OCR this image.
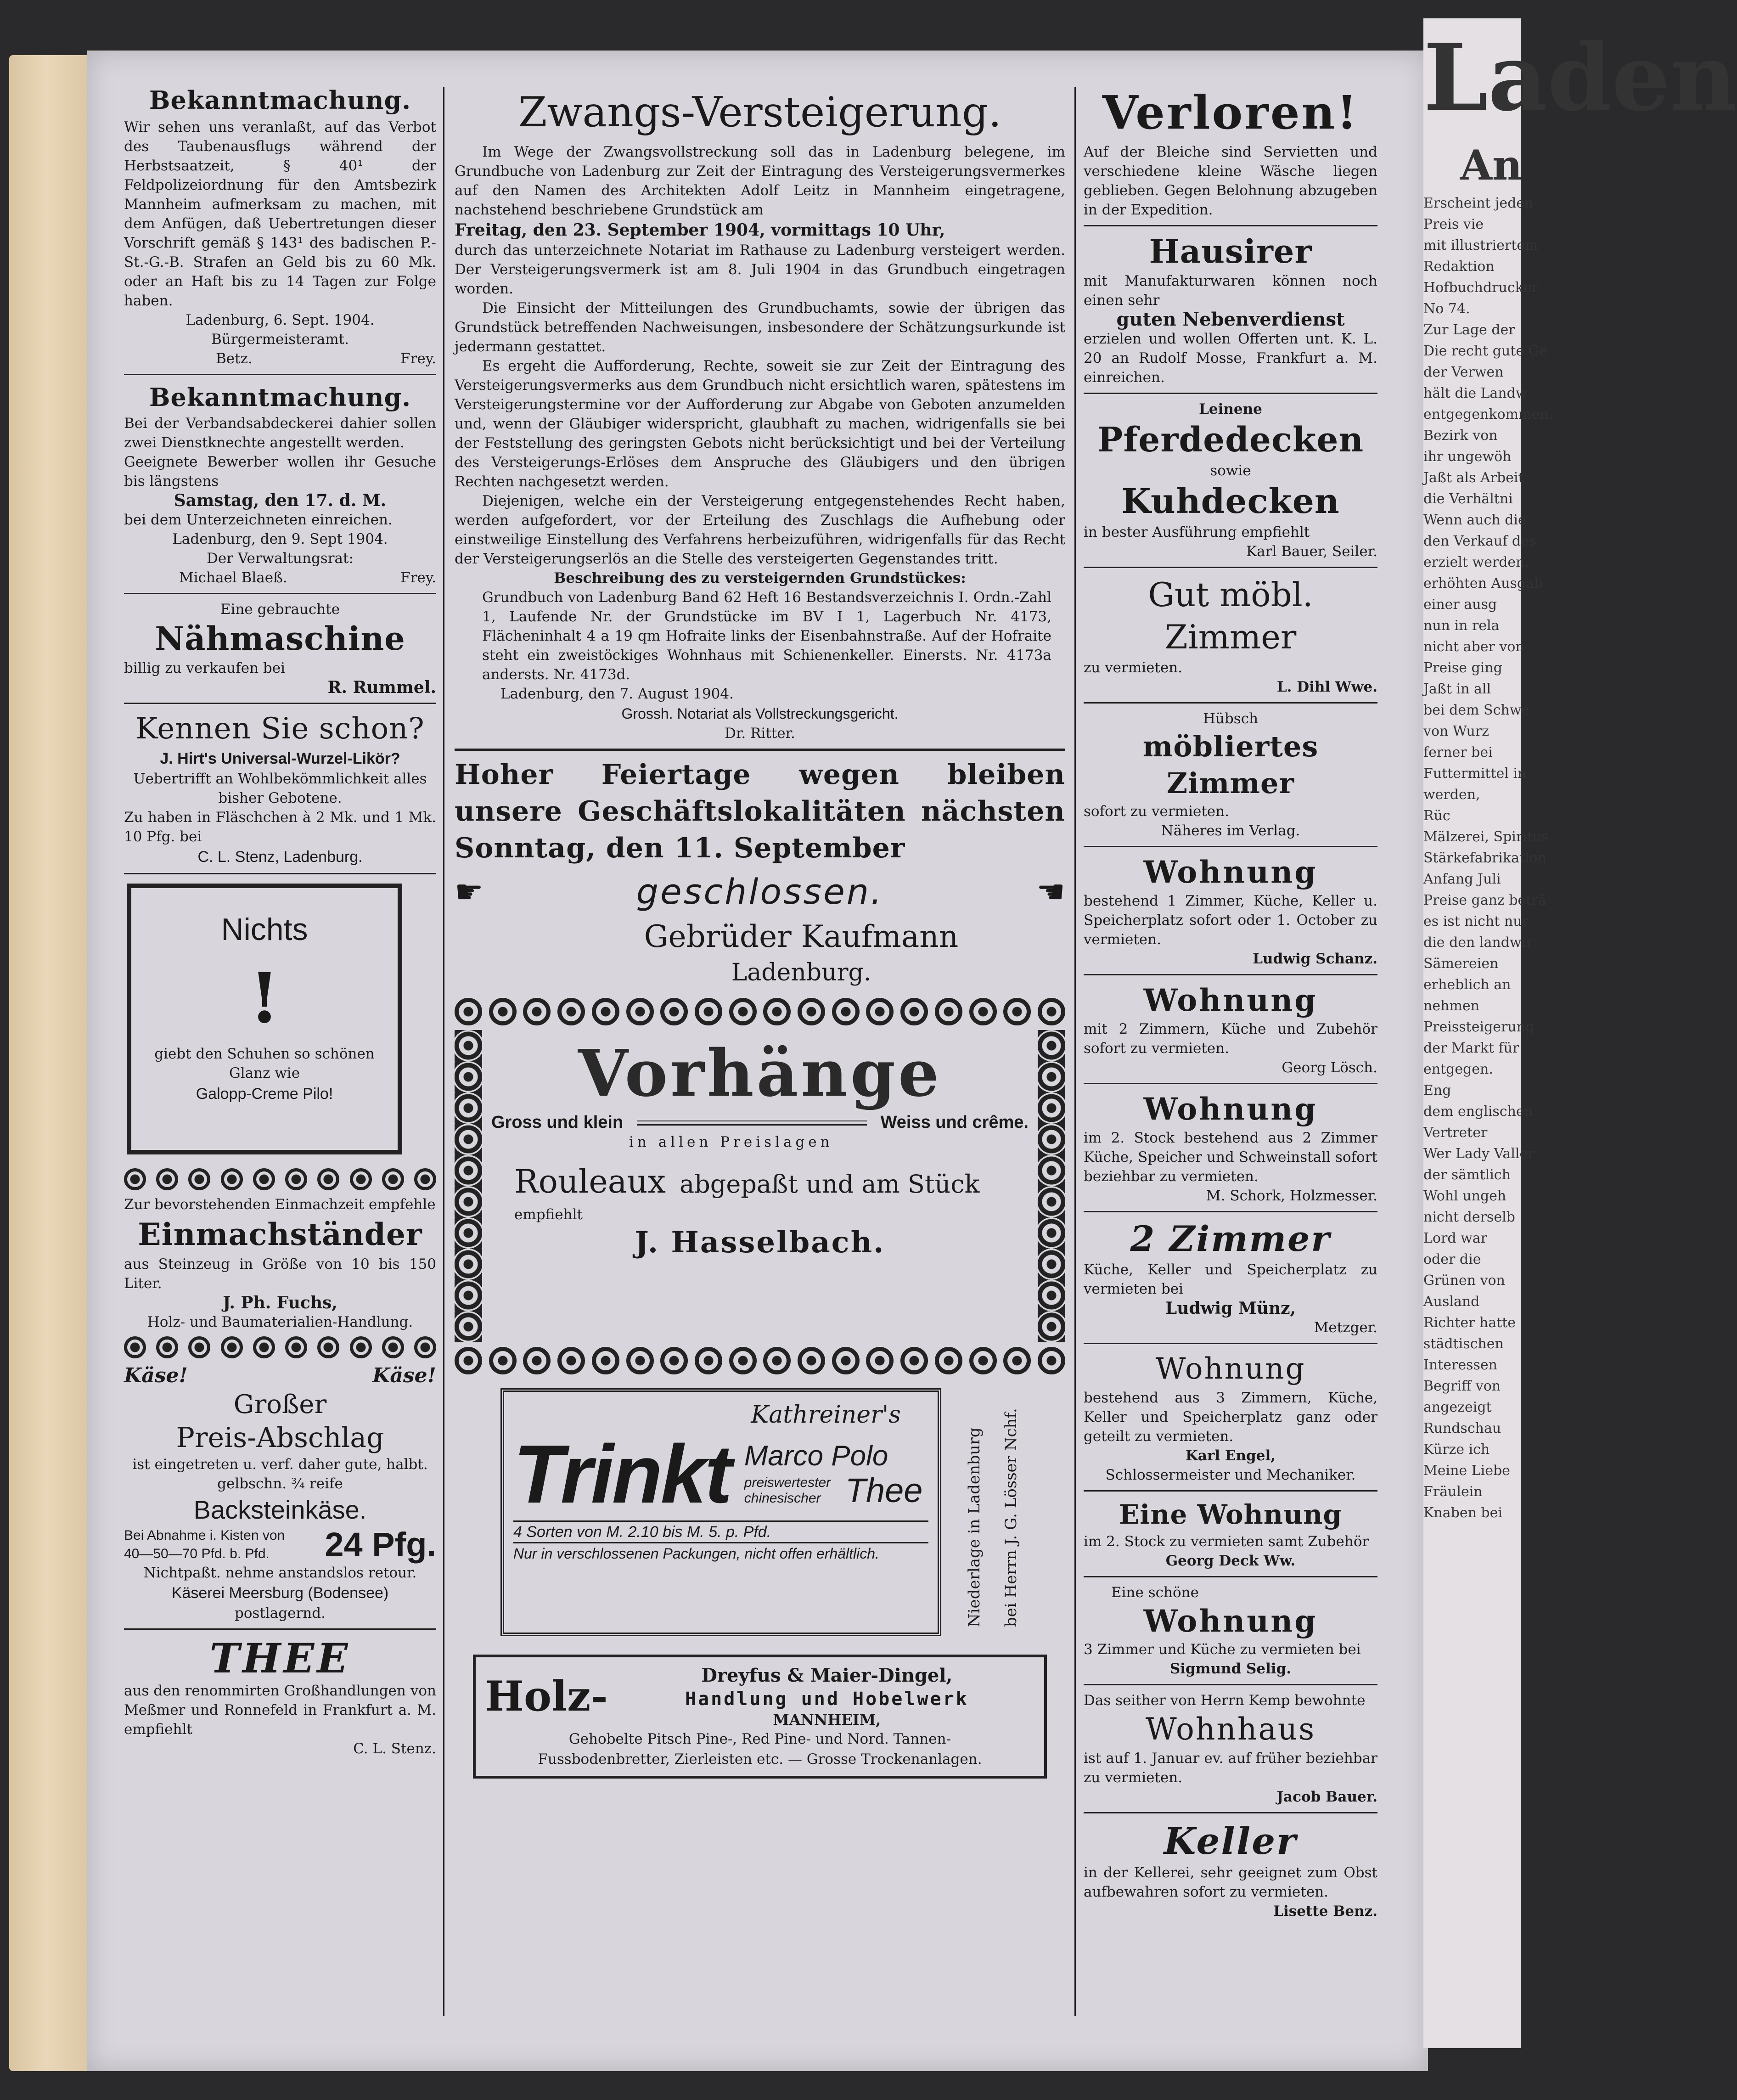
Bekanntmachung.
Wir sehen uns veranlaßt, auf das Verbot des Taubenausflugs während der Herbstsaatzeit, § 40¹ der Feldpolizeiordnung für den Amtsbezirk Mannheim aufmerksam zu machen, mit dem Anfügen, daß Uebertretungen dieser Vorschrift gemäß § 143¹ des badischen P.-St.-G.-B. Strafen an Geld bis zu 60 Mk. oder an Haft bis zu 14 Tagen zur Folge haben.
Ladenburg, 6. Sept. 1904.
Bürgermeisteramt.
Betz.	Frey.
Bekanntmachung.
Bei der Verbandsabdeckerei dahier sollen zwei Dienstknechte angestellt werden.
Geeignete Bewerber wollen ihr Gesuche bis längstens
Samstag, den 17. d. M.
bei dem Unterzeichneten einreichen.
Ladenburg, den 9. Sept 1904.
Der Verwaltungsrat:
Michael Blaeß.	Frey.
Eine gebrauchte
Nähmaschine
billig zu verkaufen bei
R. Rummel.
Kennen Sie schon?
J. Hirt's Universal-Wurzel-Likör?
Uebertrifft an Wohlbekömmlichkeit alles bisher Gebotene.
Zu haben in Fläschchen à 2 Mk. und 1 Mk. 10 Pfg. bei
C. L. Stenz, Ladenburg.
Nichts
!
giebt den Schuhen so schönen Glanz wie
Galopp-Creme Pilo!
Zur bevorstehenden Einmachzeit empfehle
Einmachständer
aus Steinzeug in Größe von 10 bis 150 Liter.
J. Ph. Fuchs,
Holz- und Baumaterialien-Handlung.
Käse!	Käse!
Großer
Preis-Abschlag
ist eingetreten u. verf. daher gute, halbt. gelbschn. ¾ reife
Backsteinkäse.
Bei Abnahme i. Kisten von
40—50—70 Pfd. b. Pfd.	24 Pfg.
Nichtpaßt. nehme anstandslos retour.
Käserei Meersburg (Bodensee)
postlagernd.
THEE
aus den renommirten Großhandlungen von Meßmer und Ronnefeld in Frankfurt a. M. empfiehlt
C. L. Stenz.
Zwangs-Versteigerung.
Im Wege der Zwangsvollstreckung soll das in Ladenburg belegene, im Grundbuche von Ladenburg zur Zeit der Eintragung des Versteigerungsvermerkes auf den Namen des Architekten Adolf Leitz in Mannheim eingetragene, nachstehend beschriebene Grundstück am
Freitag, den 23. September 1904, vormittags 10 Uhr,
durch das unterzeichnete Notariat im Rathause zu Ladenburg versteigert werden. Der Versteigerungsvermerk ist am 8. Juli 1904 in das Grundbuch eingetragen worden.
Die Einsicht der Mitteilungen des Grundbuchamts, sowie der übrigen das Grundstück betreffenden Nachweisungen, insbesondere der Schätzungsurkunde ist jedermann gestattet.
Es ergeht die Aufforderung, Rechte, soweit sie zur Zeit der Eintragung des Versteigerungsvermerks aus dem Grundbuch nicht ersichtlich waren, spätestens im Versteigerungstermine vor der Aufforderung zur Abgabe von Geboten anzumelden und, wenn der Gläubiger widerspricht, glaubhaft zu machen, widrigenfalls sie bei der Feststellung des geringsten Gebots nicht berücksichtigt und bei der Verteilung des Versteigerungs-Erlöses dem Anspruche des Gläubigers und den übrigen Rechten nachgesetzt werden.
Diejenigen, welche ein der Versteigerung entgegenstehendes Recht haben, werden aufgefordert, vor der Erteilung des Zuschlags die Aufhebung oder einstweilige Einstellung des Verfahrens herbeizuführen, widrigenfalls für das Recht der Versteigerungserlös an die Stelle des versteigerten Gegenstandes tritt.
Beschreibung des zu versteigernden Grundstückes:
Grundbuch von Ladenburg Band 62 Heft 16 Bestandsverzeichnis I. Ordn.-Zahl 1, Laufende Nr. der Grundstücke im BV I 1, Lagerbuch Nr. 4173, Flächeninhalt 4 a 19 qm Hofraite links der Eisenbahnstraße. Auf der Hofraite steht ein zweistöckiges Wohnhaus mit Schienenkeller. Einersts. Nr. 4173a andersts. Nr. 4173d.
Ladenburg, den 7. August 1904.
Grossh. Notariat als Vollstreckungsgericht.
Dr. Ritter.
Hoher Feiertage wegen bleiben
unsere Geschäftslokalitäten nächsten
Sonntag, den 11. September
☛	geschlossen.	☚
Gebrüder Kaufmann
Ladenburg.
Vorhänge
Gross und klein	Weiss und crême.
in allen Preislagen
Rouleaux abgepaßt und am Stück
empfiehlt
J. Hasselbach.
Kathreiner's
Trinkt Marco Polo
preiswertester chinesischer Thee
4 Sorten von M. 2.10 bis M. 5. p. Pfd.
Nur in verschlossenen Packungen, nicht offen erhältlich.	Niederlage in Ladenburg bei Herrn J. G. Lösser Nchf.
Holz-	Dreyfus & Maier-Dingel,
Handlung und Hobelwerk
MANNHEIM,
Gehobelte Pitsch Pine-, Red Pine- und Nord. Tannen-
Fussbodenbretter, Zierleisten etc. — Grosse Trockenanlagen.
Verloren!
Auf der Bleiche sind Servietten und verschiedene kleine Wäsche liegen geblieben. Gegen Belohnung abzugeben in der Expedition.
Hausirer
mit Manufakturwaren können noch einen sehr
guten Nebenverdienst
erzielen und wollen Offerten unt. K. L. 20 an Rudolf Mosse, Frankfurt a. M. einreichen.
Leinene
Pferdedecken
sowie
Kuhdecken
in bester Ausführung empfiehlt
Karl Bauer, Seiler.
Gut möbl. Zimmer
zu vermieten.
L. Dihl Wwe.
Hübsch
möbliertes Zimmer
sofort zu vermieten.
Näheres im Verlag.
Wohnung
bestehend 1 Zimmer, Küche, Keller u. Speicherplatz sofort oder 1. October zu vermieten.
Ludwig Schanz.
Wohnung
mit 2 Zimmern, Küche und Zubehör sofort zu vermieten.
Georg Lösch.
Wohnung
im 2. Stock bestehend aus 2 Zimmer Küche, Speicher und Schweinstall sofort beziehbar zu vermieten.
M. Schork, Holzmesser.
2 Zimmer
Küche, Keller und Speicherplatz zu vermieten bei
Ludwig Münz,
Metzger.
Wohnung
bestehend aus 3 Zimmern, Küche, Keller und Speicherplatz ganz oder geteilt zu vermieten.
Karl Engel,
Schlossermeister und Mechaniker.
Eine Wohnung
im 2. Stock zu vermieten samt Zubehör
Georg Deck Ww.
Eine schöne
Wohnung
3 Zimmer und Küche zu vermieten bei
Sigmund Selig.
Das seither von Herrn Kemp bewohnte
Wohnhaus
ist auf 1. Januar ev. auf früher beziehbar zu vermieten.
Jacob Bauer.
Keller
in der Kellerei, sehr geeignet zum Obst aufbewahren sofort zu vermieten.
Lisette Benz.
Laden
An
Erscheint jeden
Preis vie
mit illustriertem
Redaktion
Hofbuchdrucker
No 74.
Zur Lage der
Die recht gute Ge
der Verwen
hält die Landw
entgegenkommen.
Bezirk von
ihr ungewöh
Jaßt als Arbeit
die Verhältni
Wenn auch die
den Verkauf des
erzielt werden,
erhöhten Ausgab
einer ausg
nun in rela
nicht aber von
Preise ging
Jaßt in all
bei dem Schwe
von Wurz
ferner bei
Futtermittel in
werden,
Rüc
Mälzerei, Spiritus
Stärkefabrikation
Anfang Juli
Preise ganz beträ
es ist nicht nur
die den landwir
Sämereien
erheblich an
nehmen
Preissteigerung
der Markt für
entgegen.
Eng
dem englischen
Vertreter
Wer Lady Valler
der sämtlich
Wohl ungeh
nicht derselb
Lord war
oder die
Grünen von
Ausland
Richter hatte
städtischen
Interessen
Begriff von
angezeigt
Rundschau
Kürze ich
Meine Liebe
Fräulein
Knaben bei
